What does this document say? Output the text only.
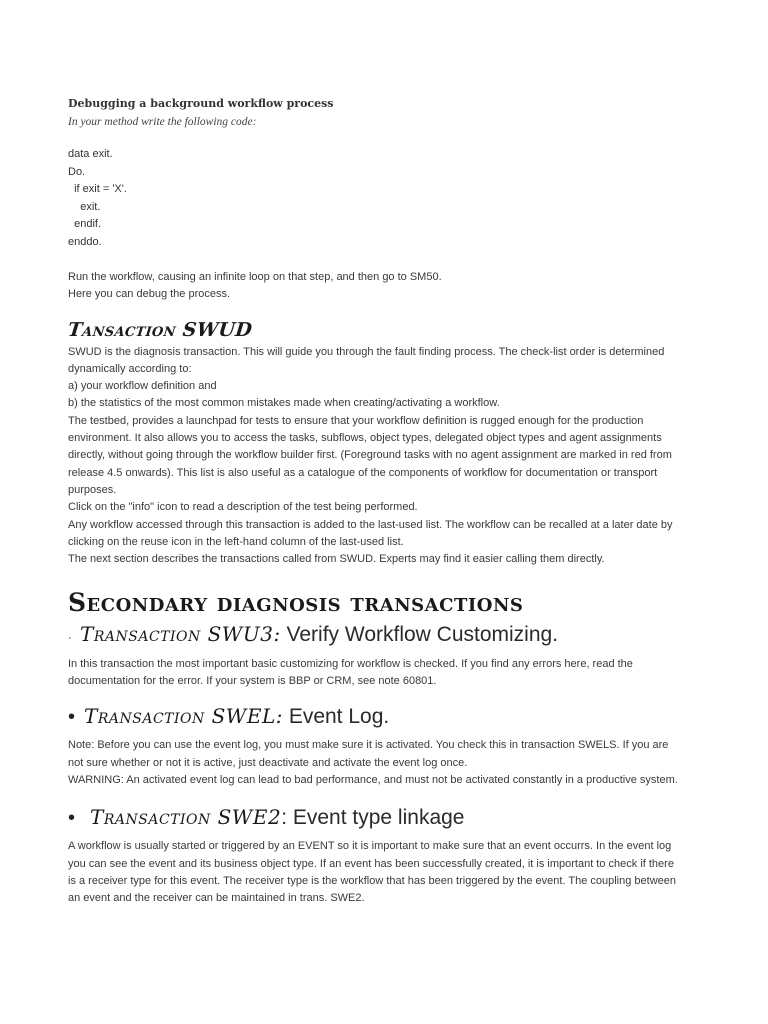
Debugging a background workflow process
In your method write the following code:
data exit.
Do.
if exit = 'X'.
exit.
endif.
enddo.

Run the workflow, causing an infinite loop on that step, and then go to SM50.

Here you can debug the process.

Tansaction SWUD

SWUD is the diagnosis transaction. This will guide you through the fault finding process. The check-list order is determined

dynamically according to:

a) your workflow definition and

b) the statistics of the most common mistakes made when creating/activating a workflow.

The testbed, provides a launchpad for tests to ensure that your workflow definition is rugged enough for the production

environment. It also allows you to access the tasks, subflows, object types, delegated object types and agent assignments

directly, without going through the workflow builder first. (Foreground tasks with no agent assignment are marked in red from

release 4.5 onwards). This list is also useful as a catalogue of the components of workflow for documentation or transport

purposes.

Click on the "info" icon to read a description of the test being performed.

Any workflow accessed through this transaction is added to the last-used list. The workflow can be recalled at a later date by

clicking on the reuse icon in the left-hand column of the last-used list.

The next section describes the transactions called from SWUD. Experts may find it easier calling them directly.

Secondary diagnosis transactions
· Transaction SWU3: Verify Workflow Customizing.

In this transaction the most important basic customizing for workflow is checked. If you find any errors here, read the

documentation for the error. If your system is BBP or CRM, see note 60801.

• Transaction SWEL: Event Log.

Note: Before you can use the event log, you must make sure it is activated. You check this in transaction SWELS. If you are

not sure whether or not it is active, just deactivate and activate the event log once.

WARNING: An activated event log can lead to bad performance, and must not be activated constantly in a productive system.

• Transaction SWE2: Event type linkage

A workflow is usually started or triggered by an EVENT so it is important to make sure that an event occurrs. In the event log

you can see the event and its business object type. If an event has been successfully created, it is important to check if there

is a receiver type for this event. The receiver type is the workflow that has been triggered by the event. The coupling between

an event and the receiver can be maintained in trans. SWE2.
